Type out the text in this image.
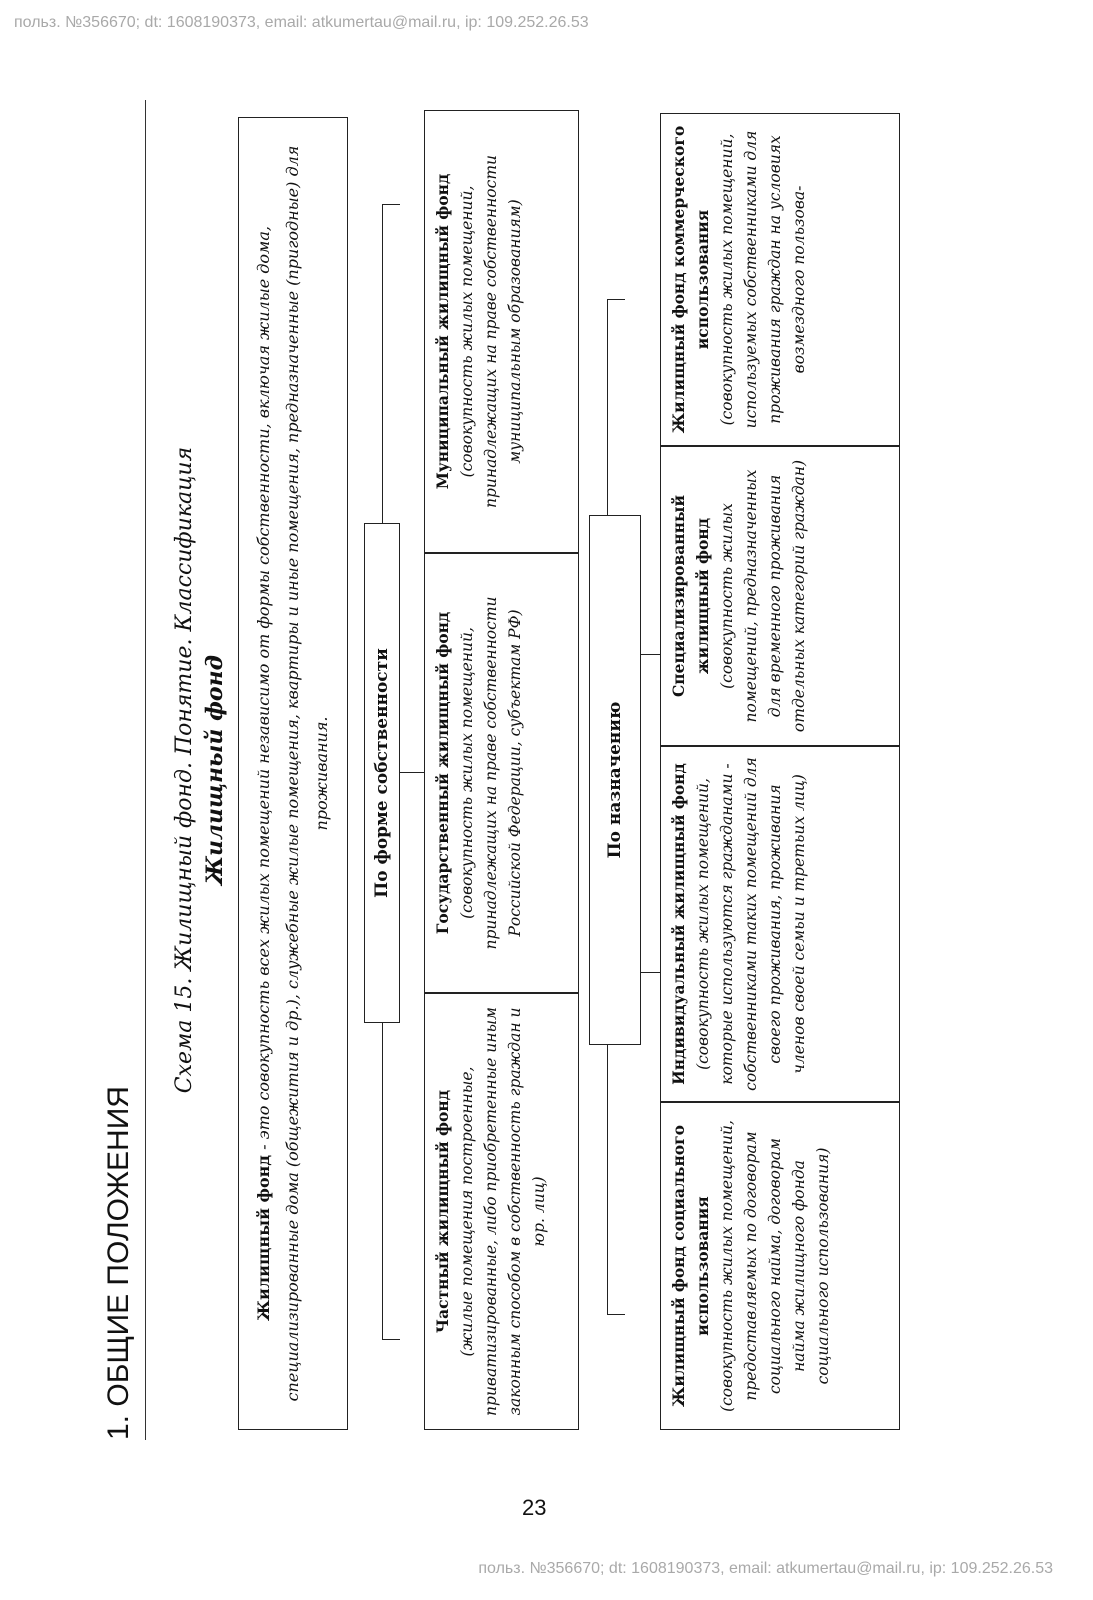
польз. №356670; dt: 1608190373, email: atkumertau@mail.ru, ip: 109.252.26.53
польз. №356670; dt: 1608190373, email: atkumertau@mail.ru, ip: 109.252.26.53
23
1. ОБЩИЕ ПОЛОЖЕНИЯ
Схема 15. Жилищный фонд. Понятие. Классификация Жилищный фонд
Жилищный фонд - это совокупность всех жилых помещений независимо от формы собственности, включая жилые дома, специализированные дома (общежития и др.), служебные жилые помещения, квартиры и иные помещения, предназначенные (пригодные) для проживания.	По форме собственности
Частный жилищный фонд (жилые помещения построенные, приватизированные, либо приобретенные иным законным способом в собственность граждан и юр. лиц)
Государственный жилищный фонд (совокупность жилых помещений, принадлежащих на праве собственности Российской Федерации, субъектам РФ)
Муниципальный жилищный фонд (совокупность жилых помещений, принадлежащих на праве собственности муниципальным образованиям)
По назначению
Жилищный фонд социального использования (совокупность жилых помещений, предоставляемых по договорам социального найма, договорам найма жилищного фонда социального использования)
Индивидуальный жилищный фонд (совокупность жилых помещений, которые используются гражданами - собственниками таких помещений для своего проживания, проживания членов своей семьи и третьих лиц)
Специализированный жилищный фонд (совокупность жилых помещений, предназначенных для временного проживания отдельных категорий граждан)
Жилищный фонд коммерческого использования (совокупность жилых помещений, используемых собственниками для проживания граждан на условиях возмездного пользова-
